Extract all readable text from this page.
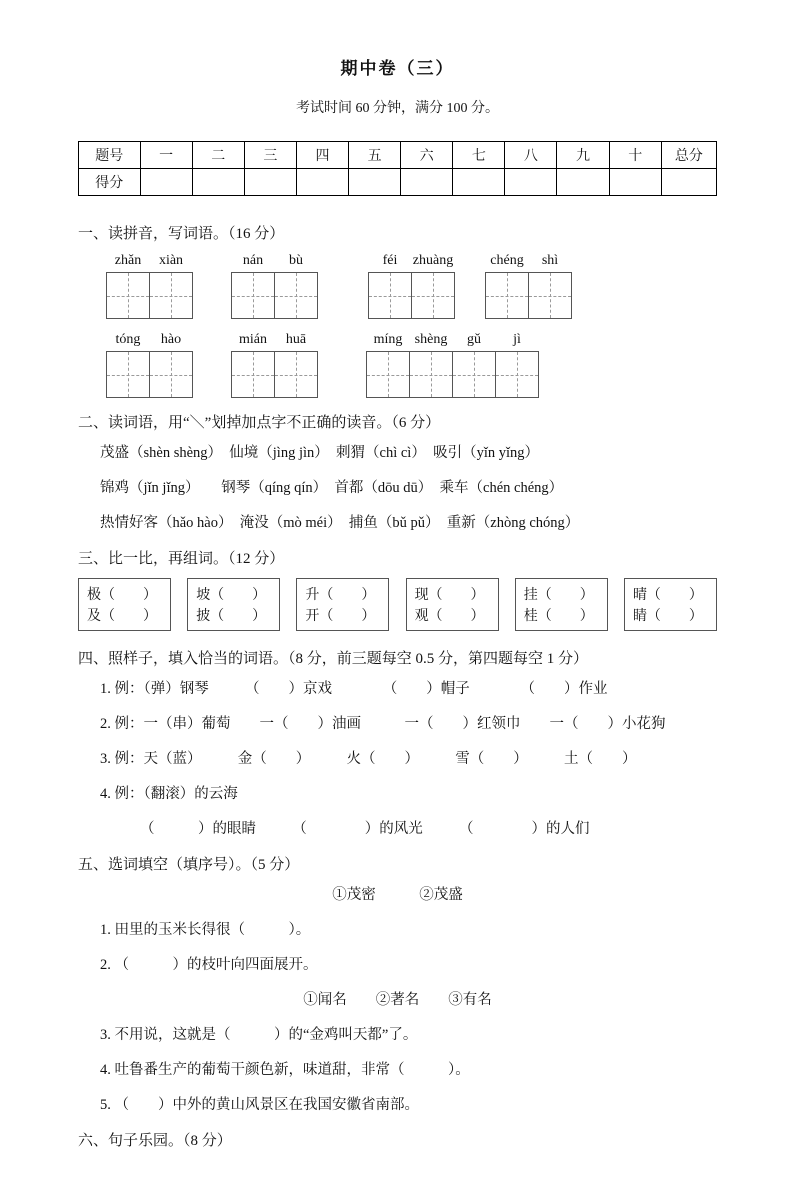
期中卷（三）
考试时间 60 分钟，满分 100 分。
题号	一	二	三	四	五	六	七	八	九	十	总分
得分											
一、读拼音，写词语。（16 分）
zhǎn	xiàn	nán	bù	féi	zhuàng	chéng	shì
tóng	hào	mián	huā	míng shèng	gǔ	jì
二、读词语，用“＼”划掉加点字不正确的读音。（6 分）
茂盛（shèn shèng）　仙境（jìng jìn）　刺猬（chì cì）　吸引（yǐn yǐng）
锦鸡（jǐn jǐng）　　钢琴（qíng qín）　首都（dōu dū）　乘车（chén chéng）
热情好客（hǎo hào）　淹没（mò méi）　捕鱼（bǔ pǔ）　重新（zhòng chóng）
三、比一比，再组词。（12 分）
极（　　）
及（　　）
坡（　　）
披（　　）
升（　　）
开（　　）
现（　　）
观（　　）
挂（　　）
桂（　　）
晴（　　）
睛（　　）
四、照样子，填入恰当的词语。（8 分，前三题每空 0.5 分，第四题每空 1 分）
1. 例：（弹）钢琴　　　（　　）京戏　　　　（　　）帽子　　　　（　　）作业
2. 例：一（串）葡萄　　一（　　）油画　　　一（　　）红领巾　　一（　　）小花狗
3. 例：天（蓝）　　　金（　　）　　　火（　　）　　　雪（　　）　　　土（　　）
4. 例：（翻滚）的云海
（　　　）的眼睛　　　（　　　　）的风光　　　（　　　　）的人们
五、选词填空（填序号）。（5 分）
①茂密　　　②茂盛
1. 田里的玉米长得很（　　　）。
2. （　　　）的枝叶向四面展开。
①闻名　　②著名　　③有名
3. 不用说，这就是（　　　）的“金鸡叫天都”了。
4. 吐鲁番生产的葡萄干颜色新，味道甜，非常（　　　）。
5. （　　）中外的黄山风景区在我国安徽省南部。
六、句子乐园。（8 分）
